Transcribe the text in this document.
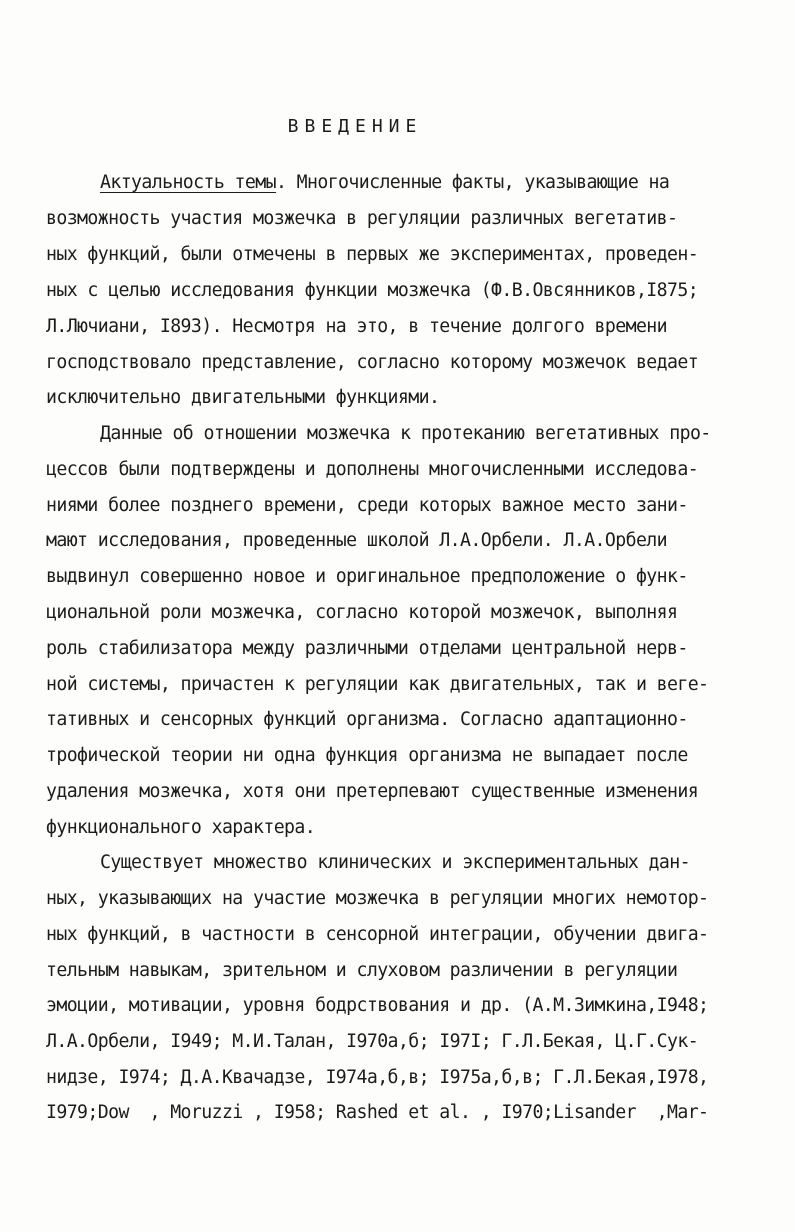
ВВЕДЕНИЕ
Актуальность темы. Многочисленные факты, указывающие на
возможность участия мозжечка в регуляции различных вегетатив-
ных функций, были отмечены в первых же экспериментах, проведен-
ных с целью исследования функции мозжечка (Ф.В.Овсянников,I875;
Л.Лючиани, I893). Несмотря на это, в течение долгого времени
господствовало представление, согласно которому мозжечок ведает
исключительно двигательными функциями.
Данные об отношении мозжечка к протеканию вегетативных про-
цессов были подтверждены и дополнены многочисленными исследова-
ниями более позднего времени, среди которых важное место зани-
мают исследования, проведенные школой Л.А.Орбели. Л.А.Орбели
выдвинул совершенно новое и оригинальное предположение о функ-
циональной роли мозжечка, согласно которой мозжечок, выполняя
роль стабилизатора между различными отделами центральной нерв-
ной системы, причастен к регуляции как двигательных, так и веге-
тативных и сенсорных функций организма. Согласно адаптационно-
трофической теории ни одна функция организма не выпадает после
удаления мозжечка, хотя они претерпевают существенные изменения
функционального характера.
Существует множество клинических и экспериментальных дан-
ных, указывающих на участие мозжечка в регуляции многих немотор-
ных функций, в частности в сенсорной интеграции, обучении двига-
тельным навыкам, зрительном и слуховом различении в регуляции
эмоции, мотивации, уровня бодрствования и др. (А.М.Зимкина,I948;
Л.А.Орбели, I949; М.И.Талан, I970а,б; I97I; Г.Л.Бекая, Ц.Г.Сук-
нидзе, I974; Д.А.Квачадзе, I974а,б,в; I975а,б,в; Г.Л.Бекая,I978,
I979;Dow  , Moruzzi , I958; Rashed et al. , I970;Lisander  ,Mar-
